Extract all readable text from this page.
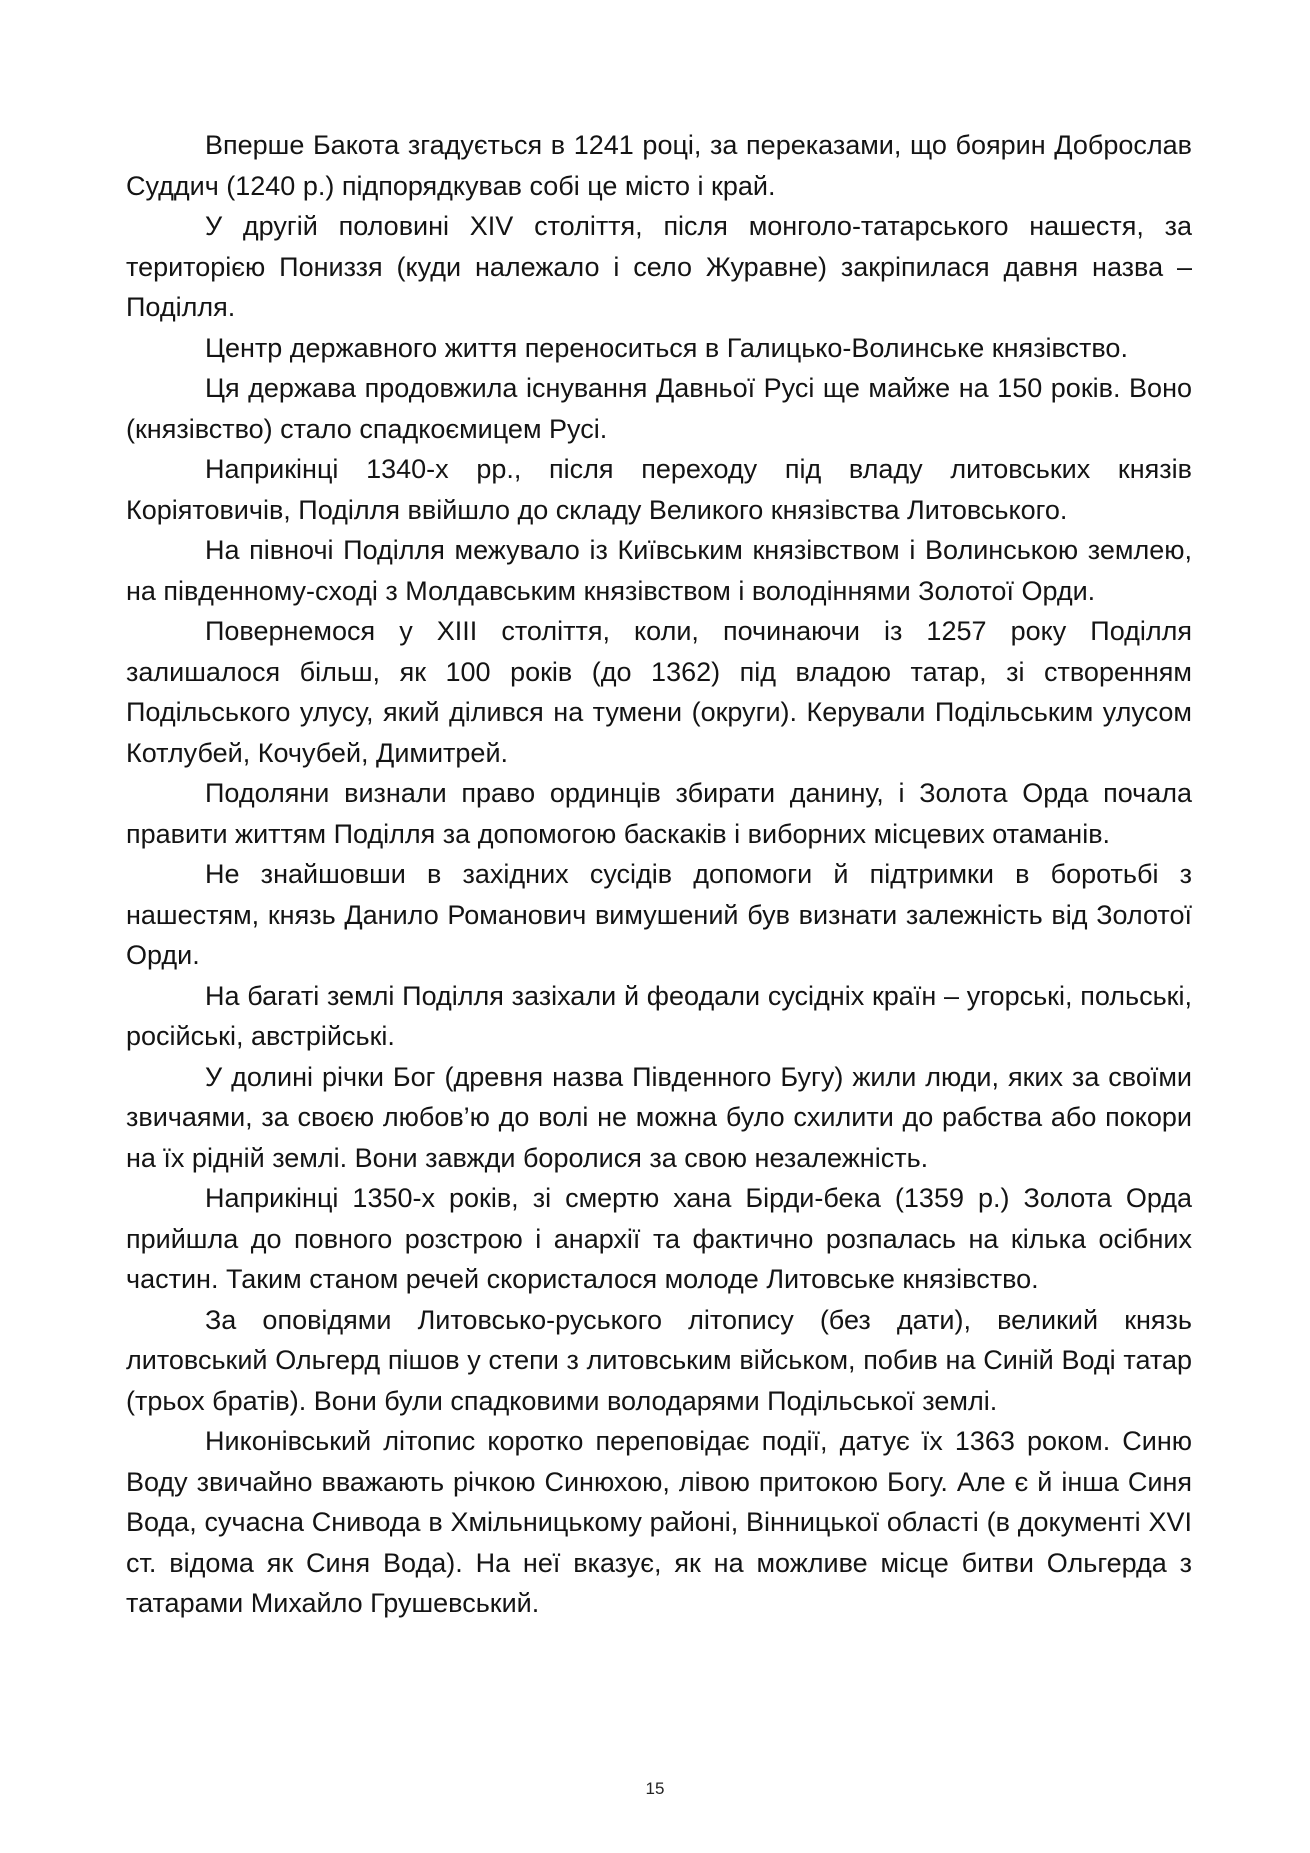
Вперше Бакота згадується в 1241 році, за переказами, що боярин Доброслав Суддич (1240 р.) підпорядкував собі це місто і край.

У другій половині XIV століття, після монголо-татарського нашестя, за територією Пониззя (куди належало і село Журавне) закріпилася давня назва – Поділля.

Центр державного життя переноситься в Галицько-Волинське князівство.

Ця держава продовжила існування Давньої Русі ще майже на 150 років. Воно (князівство) стало спадкоємицем Русі.

Наприкінці 1340-х рр., після переходу під владу литовських князів Коріятовичів, Поділля ввійшло до складу Великого князівства Литовського.

На півночі Поділля межувало із Київським князівством і Волинською землею, на південному-сході з Молдавським князівством і володіннями Золотої Орди.

Повернемося у XIII століття, коли, починаючи із 1257 року Поділля залишалося більш, як 100 років (до 1362) під владою татар, зі створенням Подільського улусу, який ділився на тумени (округи). Керували Подільським улусом Котлубей, Кочубей, Димитрей.

Подоляни визнали право ординців збирати данину, і Золота Орда почала правити життям Поділля за допомогою баскаків і виборних місцевих отаманів.

Не знайшовши в західних сусідів допомоги й підтримки в боротьбі з нашестям, князь Данило Романович вимушений був визнати залежність від Золотої Орди.

На багаті землі Поділля зазіхали й феодали сусідніх країн – угорські, польські, російські, австрійські.

У долині річки Бог (древня назва Південного Бугу) жили люди, яких за своїми звичаями, за своєю любов’ю до волі не можна було схилити до рабства або покори на їх рідній землі. Вони завжди боролися за свою незалежність.

Наприкінці 1350-х років, зі смертю хана Бірди-бека (1359 р.) Золота Орда прийшла до повного розстрою і анархії та фактично розпалась на кілька осібних частин. Таким станом речей скористалося молоде Литовське князівство.

За оповідями Литовсько-руського літопису (без дати), великий князь литовський Ольгерд пішов у степи з литовським військом, побив на Синій Воді татар (трьох братів). Вони були спадковими володарями Подільської землі.

Никонівський літопис коротко переповідає події, датує їх 1363 роком. Синю Воду звичайно вважають річкою Синюхою, лівою притокою Богу. Але є й інша Синя Вода, сучасна Снивода в Хмільницькому районі, Вінницької області (в документі XVI ст. відома як Синя Вода). На неї вказує, як на можливе місце битви Ольгерда з татарами Михайло Грушевський.

15
